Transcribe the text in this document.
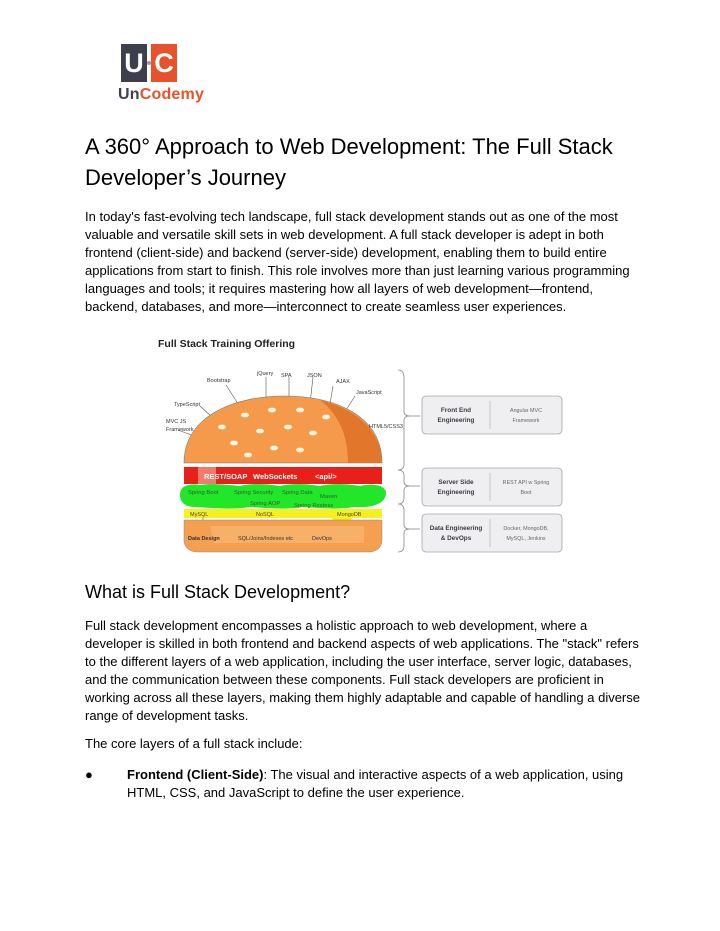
U C
UnCodemy
A 360° Approach to Web Development: The Full Stack Developer’s Journey

In today's fast-evolving tech landscape, full stack development stands out as one of the most valuable and versatile skill sets in web development. A full stack developer is adept in both frontend (client-side) and backend (server-side) development, enabling them to build entire applications from start to finish. This role involves more than just learning various programming languages and tools; it requires mastering how all layers of web development—frontend, backend, databases, and more—interconnect to create seamless user experiences.

Full Stack Training Offering
jQuery SPA	JSON
AJAX
Bootstrap
JavaScript
TypeScript
MVC JS
Framework	HTML5/CSS3
REST/SOAP WebSockets <api/>
Spring Boot	Spring Security Spring Data
Maven
Spring AOP Spring Restess
MySQL	NoSQL	MongoDB
Data Design	SQL/Joins/Indexes etc	DevOps
Front End
Engineering
Angular MVC
Framework
Server Side
Engineering
REST API w Spring
Boot
Data Engineering
& DevOps
Docker, MongoDB,
MySQL, Jenkins
What is Full Stack Development?

Full stack development encompasses a holistic approach to web development, where a developer is skilled in both frontend and backend aspects of web applications. The "stack" refers to the different layers of a web application, including the user interface, server logic, databases, and the communication between these components. Full stack developers are proficient in working across all these layers, making them highly adaptable and capable of handling a diverse range of development tasks.

The core layers of a full stack include:

●	Frontend (Client-Side): The visual and interactive aspects of a web application, using HTML, CSS, and JavaScript to define the user experience.
